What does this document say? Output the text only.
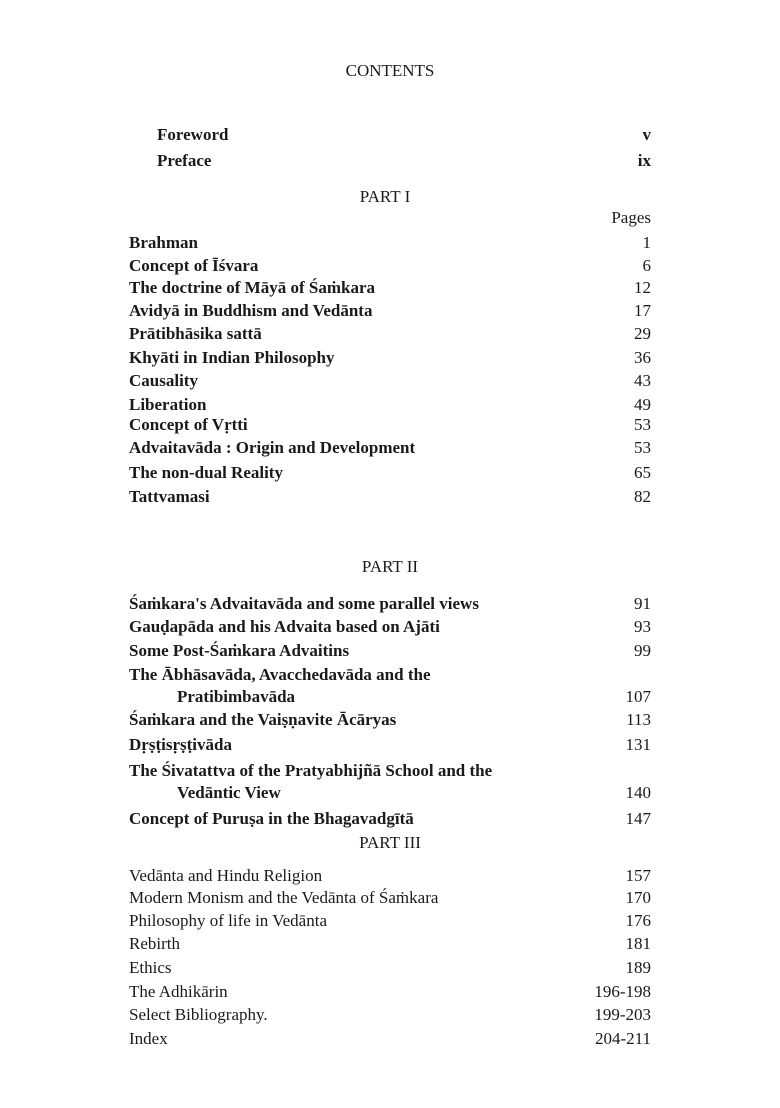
CONTENTS
Foreword	v
Preface	ix
PART I
Pages
Brahman	1
Concept of Īśvara	6
The doctrine of Māyā of Śaṁkara	12
Avidyā in Buddhism and Vedānta	17
Prātibhāsika sattā	29
Khyāti in Indian Philosophy	36
Causality	43
Liberation	49
Concept of Vṛtti	53
Advaitavāda : Origin and Development	53
The non-dual Reality	65
Tattvamasi	82
PART II
Śaṁkara's Advaitavāda and some parallel views	91
Gauḍapāda and his Advaita based on Ajāti	93
Some Post-Śaṁkara Advaitins	99
The Ābhāsavāda, Avacchedavāda and the
Pratibimbavāda	107
Śaṁkara and the Vaiṣṇavite Ācāryas	113
Dṛṣṭisṛṣṭivāda	131
The Śivatattva of the Pratyabhijñā School and the
Vedāntic View	140
Concept of Puruṣa in the Bhagavadgītā	147
PART III
Vedānta and Hindu Religion	157
Modern Monism and the Vedānta of Śaṁkara	170
Philosophy of life in Vedānta	176
Rebirth	181
Ethics	189
The Adhikārin	196-198
Select Bibliography.	199-203
Index	204-211
